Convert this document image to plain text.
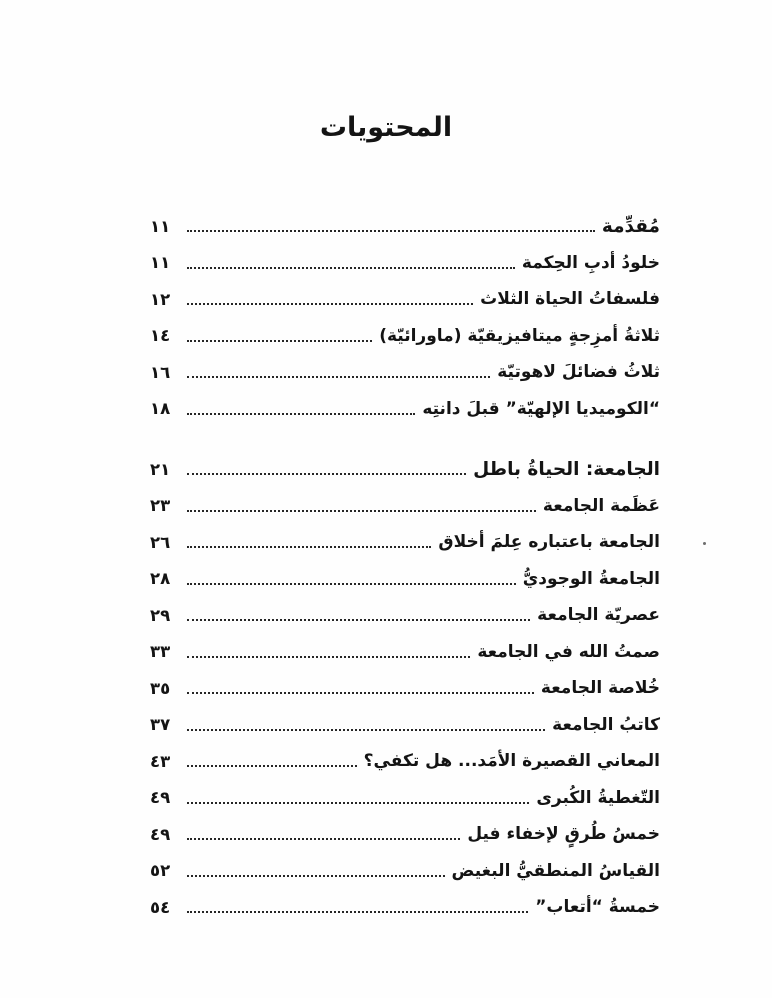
المحتويات
مُقدِّمة
١١
خلودُ أدبِ الحِكمة
١١
فلسفاتُ الحياة الثلاث
١٢
ثلاثةُ أمزِجةٍ ميتافيزيقيّة (ماورائيّة)
١٤
ثلاثُ فضائلَ لاهوتيّة
١٦
“الكوميديا الإلهيّة” قبلَ دانتِه
١٨
الجامعة: الحياةُ باطل
٢١
عَظَمة الجامعة
٢٣
الجامعة باعتباره عِلمَ أخلاق
٢٦
الجامعةُ الوجوديُّ
٢٨
عصريّة الجامعة
٢٩
صمتُ الله في الجامعة
٣٣
خُلاصة الجامعة
٣٥
كاتبُ الجامعة
٣٧
المعاني القصيرة الأمَد... هل تكفي؟
٤٣
التّغطيةُ الكُبرى
٤٩
خمسُ طُرقٍ لإخفاء فيل
٤٩
القياسُ المنطقيُّ البغيض
٥٢
خمسةُ “أتعاب”
٥٤
